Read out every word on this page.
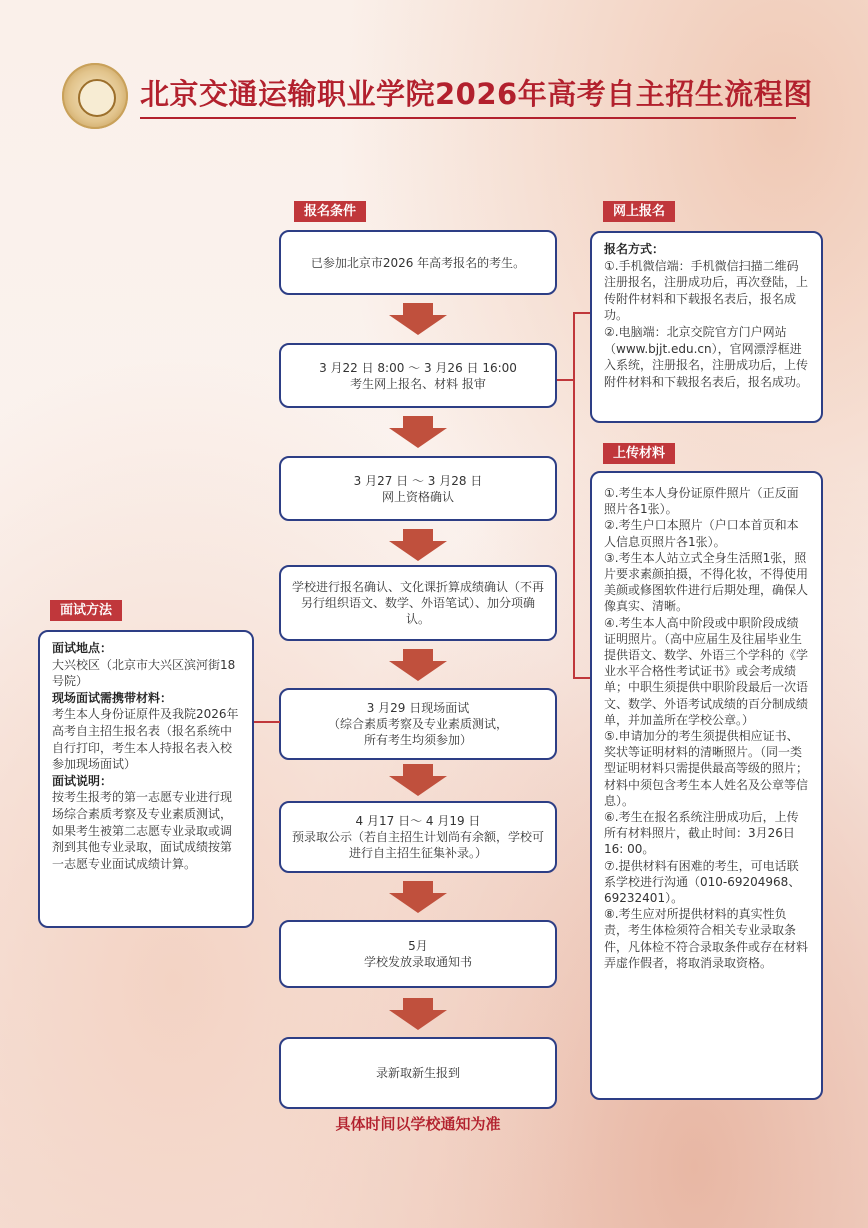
北京交通运输职业学院2026年高考自主招生流程图
报名条件	网上报名
上传材料
面试方法
已参加北京市2026 年高考报名的考生。
3 月22 日 8:00 ～ 3 月26 日 16:00
考生网上报名、材料 报审
3 月27 日 ～ 3 月28 日
网上资格确认
学校进行报名确认、文化课折算成绩确认（不再另行组织语文、数学、外语笔试）、加分项确认。
3 月29 日现场面试
（综合素质考察及专业素质测试，
所有考生均须参加）
4 月17 日～ 4 月19 日
预录取公示（若自主招生计划尚有余额，学校可进行自主招生征集补录。）
5月
学校发放录取通知书
录新取新生报到

报名方式：

①.手机微信端：手机微信扫描二维码注册报名，注册成功后，再次登陆，上传附件材料和下载报名表后，报名成功。

②.电脑端：北京交院官方门户网站（www.bjjt.edu.cn），官网漂浮框进入系统，注册报名，注册成功后，上传附件材料和下载报名表后，报名成功。

①.考生本人身份证原件照片（正反面照片各1张）。

②.考生户口本照片（户口本首页和本人信息页照片各1张）。

③.考生本人站立式全身生活照1张，照片要求素颜拍摄，不得化妆，不得使用美颜或修图软件进行后期处理，确保人像真实、清晰。

④.考生本人高中阶段或中职阶段成绩证明照片。（高中应届生及往届毕业生提供语文、数学、外语三个学科的《学业水平合格性考试证书》或会考成绩单；中职生须提供中职阶段最后一次语文、数学、外语考试成绩的百分制成绩单，并加盖所在学校公章。）

⑤.申请加分的考生须提供相应证书、奖状等证明材料的清晰照片。（同一类型证明材料只需提供最高等级的照片；材料中须包含考生本人姓名及公章等信息）。

⑥.考生在报名系统注册成功后，上传所有材料照片，截止时间：3月26日16: 00。

⑦.提供材料有困难的考生，可电话联系学校进行沟通（010-69204968、69232401）。

⑧.考生应对所提供材料的真实性负责，考生体检须符合相关专业录取条件，凡体检不符合录取条件或存在材料弄虚作假者，将取消录取资格。

面试地点：

大兴校区（北京市大兴区滨河街18 号院）

现场面试需携带材料：

考生本人身份证原件及我院2026年高考自主招生报名表（报名系统中自行打印，考生本人持报名表入校参加现场面试）

面试说明：

按考生报考的第一志愿专业进行现场综合素质考察及专业素质测试，如果考生被第二志愿专业录取或调剂到其他专业录取，面试成绩按第一志愿专业面试成绩计算。

具体时间以学校通知为准
